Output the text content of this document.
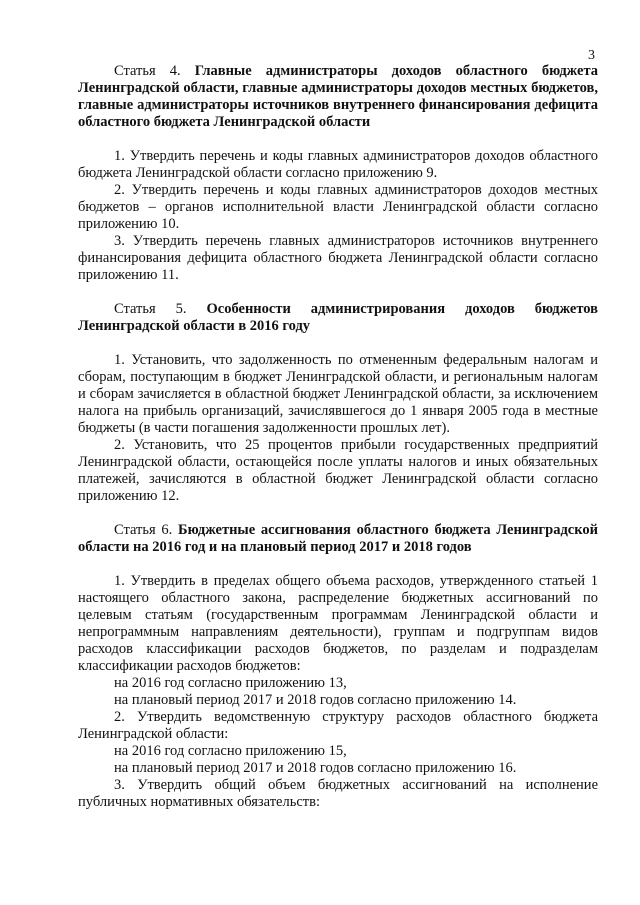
3

Статья 4. Главные администраторы доходов областного бюджета Ленинградской области, главные администраторы доходов местных бюджетов, главные администраторы источников внутреннего финансирования дефицита областного бюджета Ленинградской области

1. Утвердить перечень и коды главных администраторов доходов областного бюджета Ленинградской области согласно приложению 9.

2. Утвердить перечень и коды главных администраторов доходов местных бюджетов – органов исполнительной власти Ленинградской области согласно приложению 10.

3. Утвердить перечень главных администраторов источников внутреннего финансирования дефицита областного бюджета Ленинградской области согласно приложению 11.

Статья 5. Особенности администрирования доходов бюджетов Ленинградской области в 2016 году

1. Установить, что задолженность по отмененным федеральным налогам и сборам, поступающим в бюджет Ленинградской области, и региональным налогам и сборам зачисляется в областной бюджет Ленинградской области, за исключением налога на прибыль организаций, зачислявшегося до 1 января 2005 года в местные бюджеты (в части погашения задолженности прошлых лет).

2. Установить, что 25 процентов прибыли государственных предприятий Ленинградской области, остающейся после уплаты налогов и иных обязательных платежей, зачисляются в областной бюджет Ленинградской области согласно приложению 12.

Статья 6. Бюджетные ассигнования областного бюджета Ленинградской области на 2016 год и на плановый период 2017 и 2018 годов

1. Утвердить в пределах общего объема расходов, утвержденного статьей 1 настоящего областного закона, распределение бюджетных ассигнований по целевым статьям (государственным программам Ленинградской области и непрограммным направлениям деятельности), группам и подгруппам видов расходов классификации расходов бюджетов, по разделам и подразделам классификации расходов бюджетов:

на 2016 год согласно приложению 13,

на плановый период 2017 и 2018 годов согласно приложению 14.

2. Утвердить ведомственную структуру расходов областного бюджета Ленинградской области:

на 2016 год согласно приложению 15,

на плановый период 2017 и 2018 годов согласно приложению 16.

3. Утвердить общий объем бюджетных ассигнований на исполнение публичных нормативных обязательств:
